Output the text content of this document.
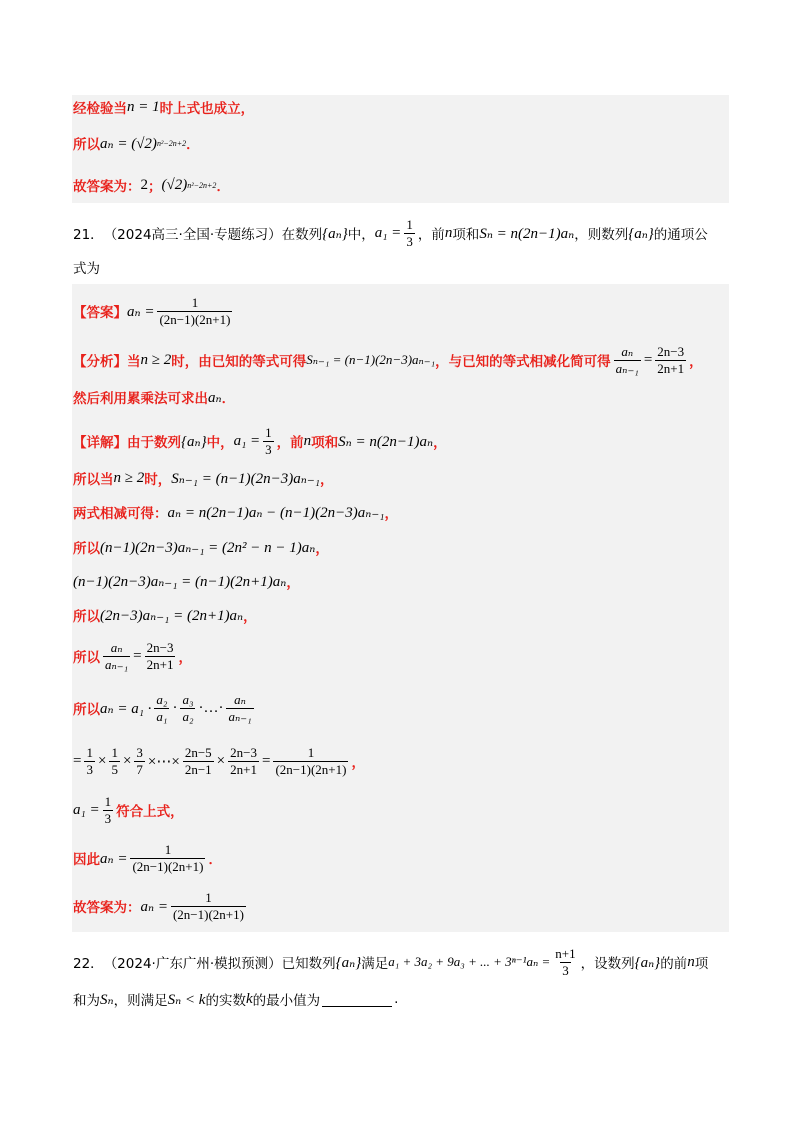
经检验当 n = 1 时上式也成立，
所以 aₙ = (√2) n²−2n+2 ．
故答案为： 2 ； (√2) n²−2n+2 ．
21． （2024高三·全国·专题练习） 在数列 {aₙ} 中， $a_1 = \frac{1}{3}$ ，前 n 项和 Sₙ = n(2n−1)aₙ ，则数列 {aₙ} 的通项公
式为
【答案】 $a_n = \frac{1}{(2n-1)(2n+1)}$
【分析】 当 n ≥ 2 时，由已知的等式可得 Sₙ₋₁ = (n−1)(2n−3)aₙ₋₁ ，与已知的等式相减化简可得 $\frac{\text{aₙ}}{\text{aₙ₋₁}} = \frac{2n-3}{2n+1}$ ，
然后利用累乘法可求出 aₙ ．
【详解】 由于数列 {aₙ} 中， $a_1 = \frac{1}{3}$ ，前 n 项和 Sₙ = n(2n−1)aₙ ，
所以当 n ≥ 2 时， Sₙ₋₁ = (n−1)(2n−3)aₙ₋₁ ，
两式相减可得： aₙ = n(2n−1)aₙ − (n−1)(2n−3)aₙ₋₁ ，
所以 (n−1)(2n−3)aₙ₋₁ = (2n² − n − 1)aₙ ，
(n−1)(2n−3)aₙ₋₁ = (n−1)(2n+1)aₙ ，
所以 (2n−3)aₙ₋₁ = (2n+1)aₙ ，
所以 $\frac{\text{aₙ}}{\text{aₙ₋₁}} = \frac{2n-3}{2n+1}$ ，
所以 $a_n = a_1 \cdot \frac{\text{a₂}}{\text{a₁}} \cdot \frac{\text{a₃}}{\text{a₂}}$ ·…· $\frac{\text{aₙ}}{\text{aₙ₋₁}}$
= $\frac{1}{3} \times \frac{1}{5} \times \frac{3}{7}$ ×⋯× $\frac{2n-5}{2n-1} \times \frac{2n-3}{2n+1} = \frac{1}{(2n-1)(2n+1)}$ ，
$a_1 = \frac{1}{3}$ 符合上式，
因此 $a_n = \frac{1}{(2n-1)(2n+1)}$ ．
故答案为： $a_n = \frac{1}{(2n-1)(2n+1)}$
22． （2024·广东广州·模拟预测） 已知数列 {aₙ} 满足 a₁ + 3a₂ + 9a₃ + ... + $3^{n-1}a_n = \frac{n+1}{3}$ ，设数列 {aₙ} 的前 n 项
和为 Sₙ ，则满足 Sₙ < k 的实数 k 的最小值为	.
